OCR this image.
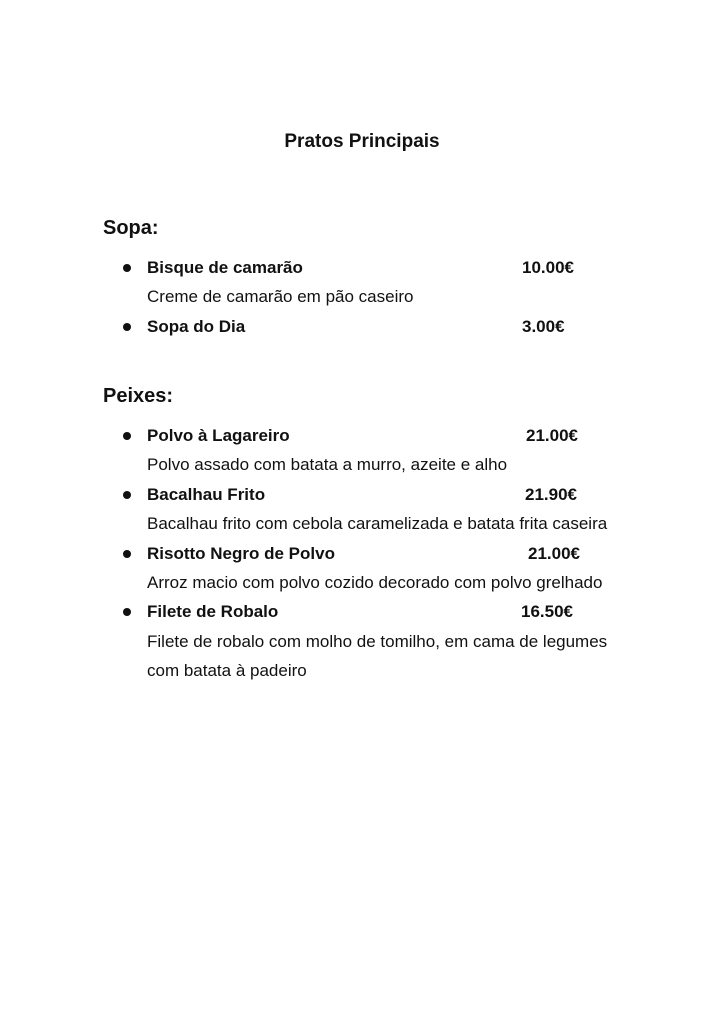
Pratos Principais
Sopa:
Bisque de camarão	10.00€
Creme de camarão em pão caseiro
Sopa do Dia	3.00€
Peixes:
Polvo à Lagareiro	21.00€
Polvo assado com batata a murro, azeite e alho
Bacalhau Frito	21.90€
Bacalhau frito com cebola caramelizada e batata frita caseira
Risotto Negro de Polvo	21.00€
Arroz macio com polvo cozido decorado com polvo grelhado
Filete de Robalo	16.50€
Filete de robalo com molho de tomilho, em cama de legumes com batata à padeiro
